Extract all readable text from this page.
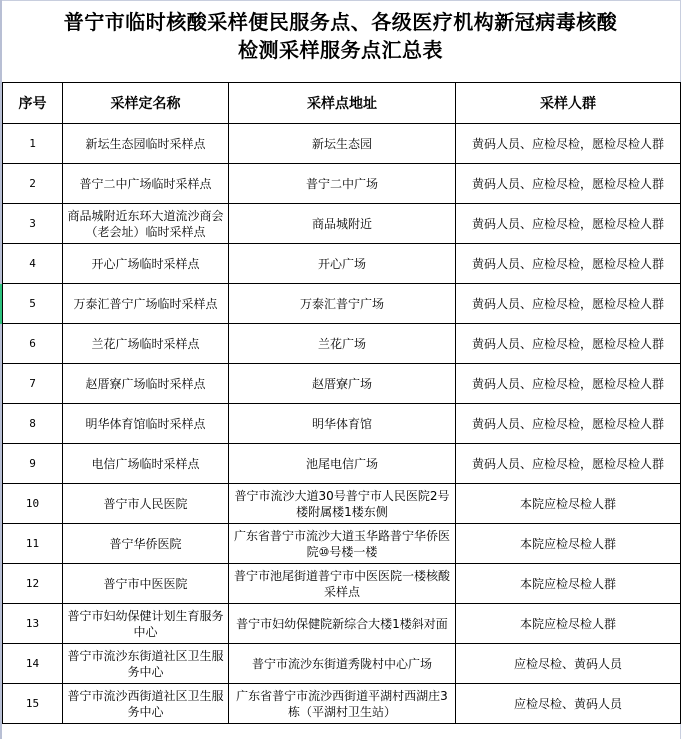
普宁市临时核酸采样便民服务点、各级医疗机构新冠病毒核酸
检测采样服务点汇总表
序号	采样定名称	采样点地址	采样人群
1	新坛生态园临时采样点	新坛生态园	黄码人员、应检尽检，愿检尽检人群
2	普宁二中广场临时采样点	普宁二中广场	黄码人员、应检尽检，愿检尽检人群
3	商品城附近东环大道流沙商会（老会址）临时采样点	商品城附近	黄码人员、应检尽检，愿检尽检人群
4	开心广场临时采样点	开心广场	黄码人员、应检尽检，愿检尽检人群
5	万泰汇普宁广场临时采样点	万泰汇普宁广场	黄码人员、应检尽检，愿检尽检人群
6	兰花广场临时采样点	兰花广场	黄码人员、应检尽检，愿检尽检人群
7	赵厝寮广场临时采样点	赵厝寮广场	黄码人员、应检尽检，愿检尽检人群
8	明华体育馆临时采样点	明华体育馆	黄码人员、应检尽检，愿检尽检人群
9	电信广场临时采样点	池尾电信广场	黄码人员、应检尽检，愿检尽检人群
10	普宁市人民医院	普宁市流沙大道30号普宁市人民医院2号楼附属楼1楼东侧	本院应检尽检人群
11	普宁华侨医院	广东省普宁市流沙大道玉华路普宁华侨医院⑩号楼一楼	本院应检尽检人群
12	普宁市中医医院	普宁市池尾街道普宁市中医医院一楼核酸采样点	本院应检尽检人群
13	普宁市妇幼保健计划生育服务中心	普宁市妇幼保健院新综合大楼1楼斜对面	本院应检尽检人群
14	普宁市流沙东街道社区卫生服务中心	普宁市流沙东街道秀陇村中心广场	应检尽检、黄码人员
15	普宁市流沙西街道社区卫生服务中心	广东省普宁市流沙西街道平湖村西湖庄3栋（平湖村卫生站）	应检尽检、黄码人员
